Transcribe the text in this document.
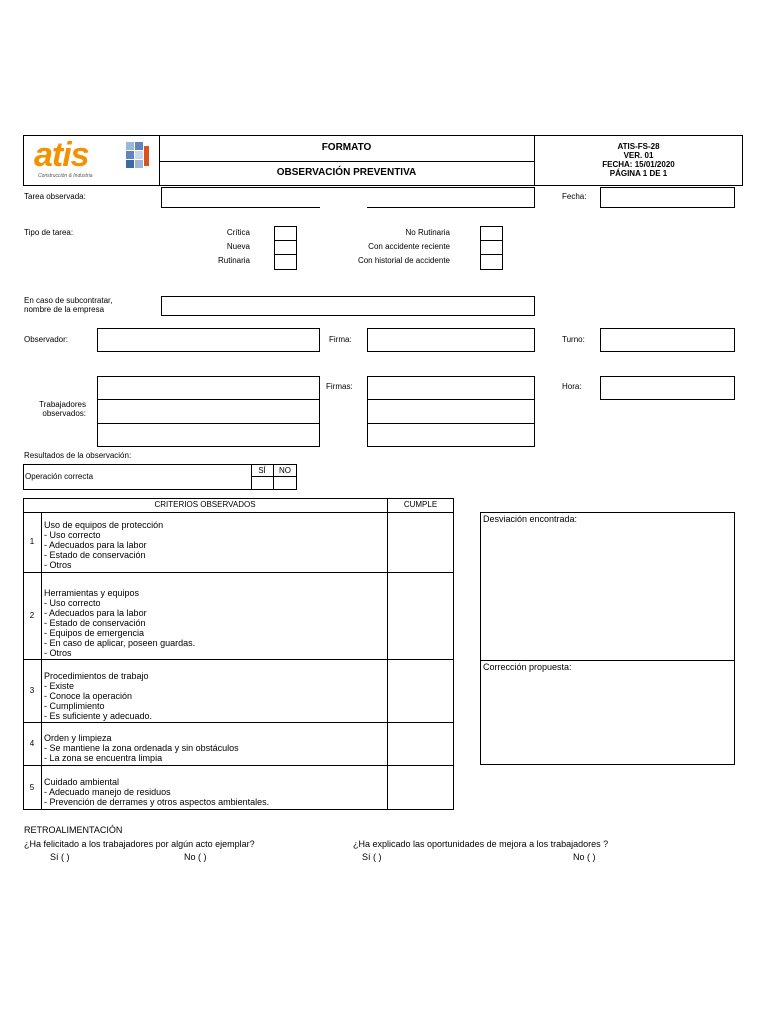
atis
Construcción & Industria
FORMATO
OBSERVACIÓN PREVENTIVA
ATIS-FS-28
VER. 01
FECHA: 15/01/2020
PÁGINA 1 DE 1
Tarea observada:	Fecha:
Tipo de tarea:	Crítica
Nueva
Rutinaria
No Rutinaria
Con accidente reciente
Con historial de accidente
En caso de subcontratar,
nombre de la empresa
Observador:	Firma:	Turno:
Trabajadores
observados:
Firmas:	Hora:
Resultados de la observación:
SÍ	NO
Operación correcta
CRITERIOS OBSERVADOS	CUMPLE
1
Uso de equipos de protección
- Uso correcto
- Adecuados para la labor
- Estado de conservación
- Otros
2
Herramientas y equipos
- Uso correcto
- Adecuados para la labor
- Estado de conservación
- Equipos de emergencia
- En caso de aplicar, poseen guardas.
- Otros
3
Procedimientos de trabajo
- Existe
- Conoce la operación
- Cumplimiento
- Es suficiente y adecuado.
4
Orden y limpieza
- Se mantiene la zona ordenada y sin obstáculos
- La zona se encuentra limpia
5
Cuidado ambiental
- Adecuado manejo de residuos
- Prevención de derrames y otros aspectos ambientales.
Desviación encontrada:
Corrección propuesta:
RETROALIMENTACIÓN
¿Ha felicitado a los trabajadores por algún acto ejemplar?
Sí ( )	No ( )
¿Ha explicado las oportunidades de mejora a los trabajadores ?
Sí ( )	No ( )
